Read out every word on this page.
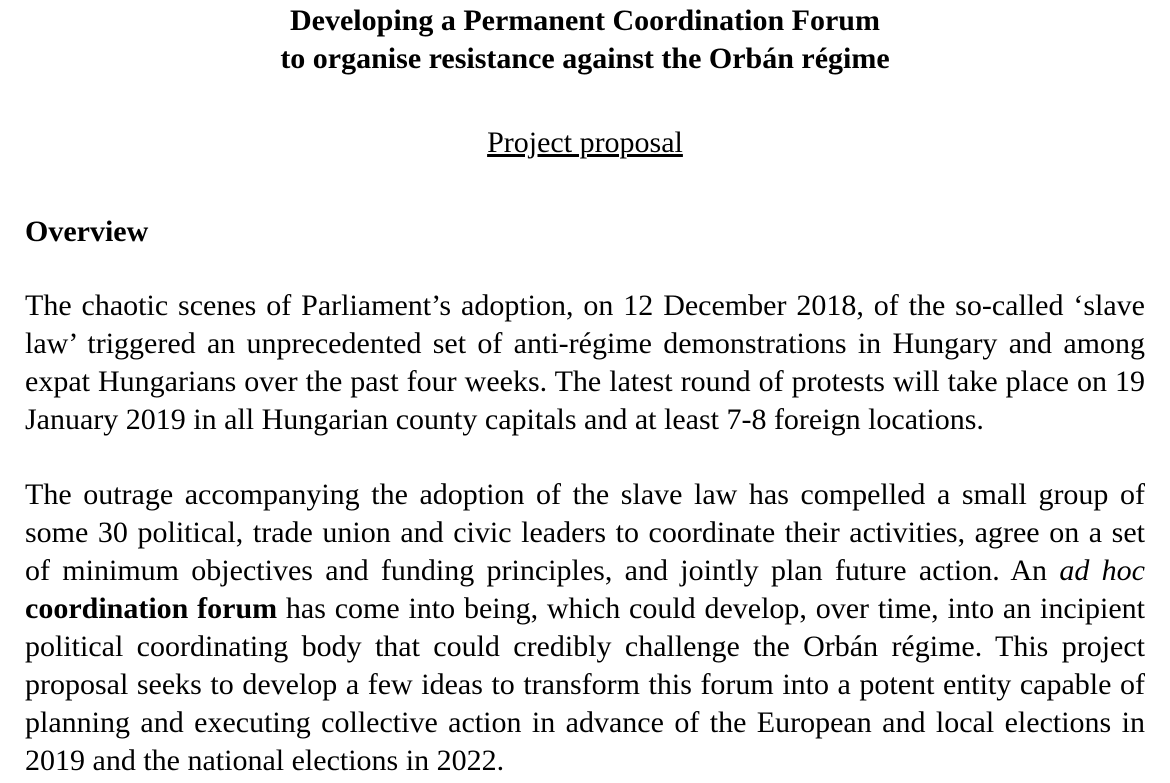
Developing a Permanent Coordination Forum
to organise resistance against the Orbán régime

Project proposal

Overview

The chaotic scenes of Parliament’s adoption, on 12 December 2018, of the so-called ‘slave law’ triggered an unprecedented set of anti-régime demonstrations in Hungary and among expat Hungarians over the past four weeks. The latest round of protests will take place on 19 January 2019 in all Hungarian county capitals and at least 7-8 foreign locations.

The outrage accompanying the adoption of the slave law has compelled a small group of some 30 political, trade union and civic leaders to coordinate their activities, agree on a set of minimum objectives and funding principles, and jointly plan future action. An ad hoc coordination forum has come into being, which could develop, over time, into an incipient political coordinating body that could credibly challenge the Orbán régime. This project proposal seeks to develop a few ideas to transform this forum into a potent entity capable of planning and executing collective action in advance of the European and local elections in 2019 and the national elections in 2022.
